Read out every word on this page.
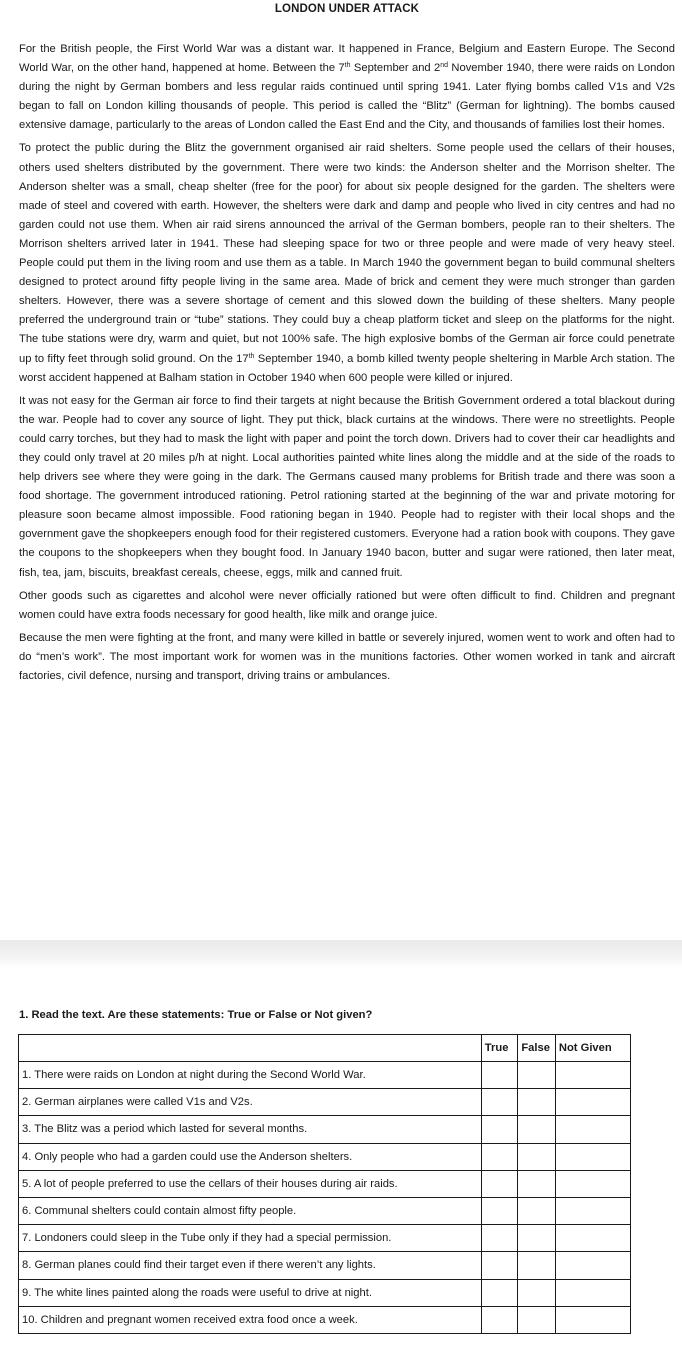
LONDON UNDER ATTACK

For the British people, the First World War was a distant war. It happened in France, Belgium and Eastern Europe. The Second World War, on the other hand, happened at home. Between the 7th September and 2nd November 1940, there were raids on London during the night by German bombers and less regular raids continued until spring 1941. Later flying bombs called V1s and V2s began to fall on London killing thousands of people. This period is called the “Blitz” (German for lightning). The bombs caused extensive damage, particularly to the areas of London called the East End and the City, and thousands of families lost their homes.

To protect the public during the Blitz the government organised air raid shelters. Some people used the cellars of their houses, others used shelters distributed by the government. There were two kinds: the Anderson shelter and the Morrison shelter. The Anderson shelter was a small, cheap shelter (free for the poor) for about six people designed for the garden. The shelters were made of steel and covered with earth. However, the shelters were dark and damp and people who lived in city centres and had no garden could not use them. When air raid sirens announced the arrival of the German bombers, people ran to their shelters. The Morrison shelters arrived later in 1941. These had sleeping space for two or three people and were made of very heavy steel. People could put them in the living room and use them as a table. In March 1940 the government began to build communal shelters designed to protect around fifty people living in the same area. Made of brick and cement they were much stronger than garden shelters. However, there was a severe shortage of cement and this slowed down the building of these shelters. Many people preferred the underground train or “tube” stations. They could buy a cheap platform ticket and sleep on the platforms for the night. The tube stations were dry, warm and quiet, but not 100% safe. The high explosive bombs of the German air force could penetrate up to fifty feet through solid ground. On the 17th September 1940, a bomb killed twenty people sheltering in Marble Arch station. The worst accident happened at Balham station in October 1940 when 600 people were killed or injured.

It was not easy for the German air force to find their targets at night because the British Government ordered a total blackout during the war. People had to cover any source of light. They put thick, black curtains at the windows. There were no streetlights. People could carry torches, but they had to mask the light with paper and point the torch down. Drivers had to cover their car headlights and they could only travel at 20 miles p/h at night. Local authorities painted white lines along the middle and at the side of the roads to help drivers see where they were going in the dark. The Germans caused many problems for British trade and there was soon a food shortage. The government introduced rationing. Petrol rationing started at the beginning of the war and private motoring for pleasure soon became almost impossible. Food rationing began in 1940. People had to register with their local shops and the government gave the shopkeepers enough food for their registered customers. Everyone had a ration book with coupons. They gave the coupons to the shopkeepers when they bought food. In January 1940 bacon, butter and sugar were rationed, then later meat, fish, tea, jam, biscuits, breakfast cereals, cheese, eggs, milk and canned fruit.

Other goods such as cigarettes and alcohol were never officially rationed but were often difficult to find. Children and pregnant women could have extra foods necessary for good health, like milk and orange juice.

Because the men were fighting at the front, and many were killed in battle or severely injured, women went to work and often had to do “men’s work”. The most important work for women was in the munitions factories. Other women worked in tank and aircraft factories, civil defence, nursing and transport, driving trains or ambulances.

1. Read the text. Are these statements: True or False or Not given?
	True	False	Not Given
1. There were raids on London at night during the Second World War.			
2. German airplanes were called V1s and V2s.			
3. The Blitz was a period which lasted for several months.			
4. Only people who had a garden could use the Anderson shelters.			
5. A lot of people preferred to use the cellars of their houses during air raids.			
6. Communal shelters could contain almost fifty people.			
7. Londoners could sleep in the Tube only if they had a special permission.			
8. German planes could find their target even if there weren’t any lights.			
9. The white lines painted along the roads were useful to drive at night.			
10. Children and pregnant women received extra food once a week.			
